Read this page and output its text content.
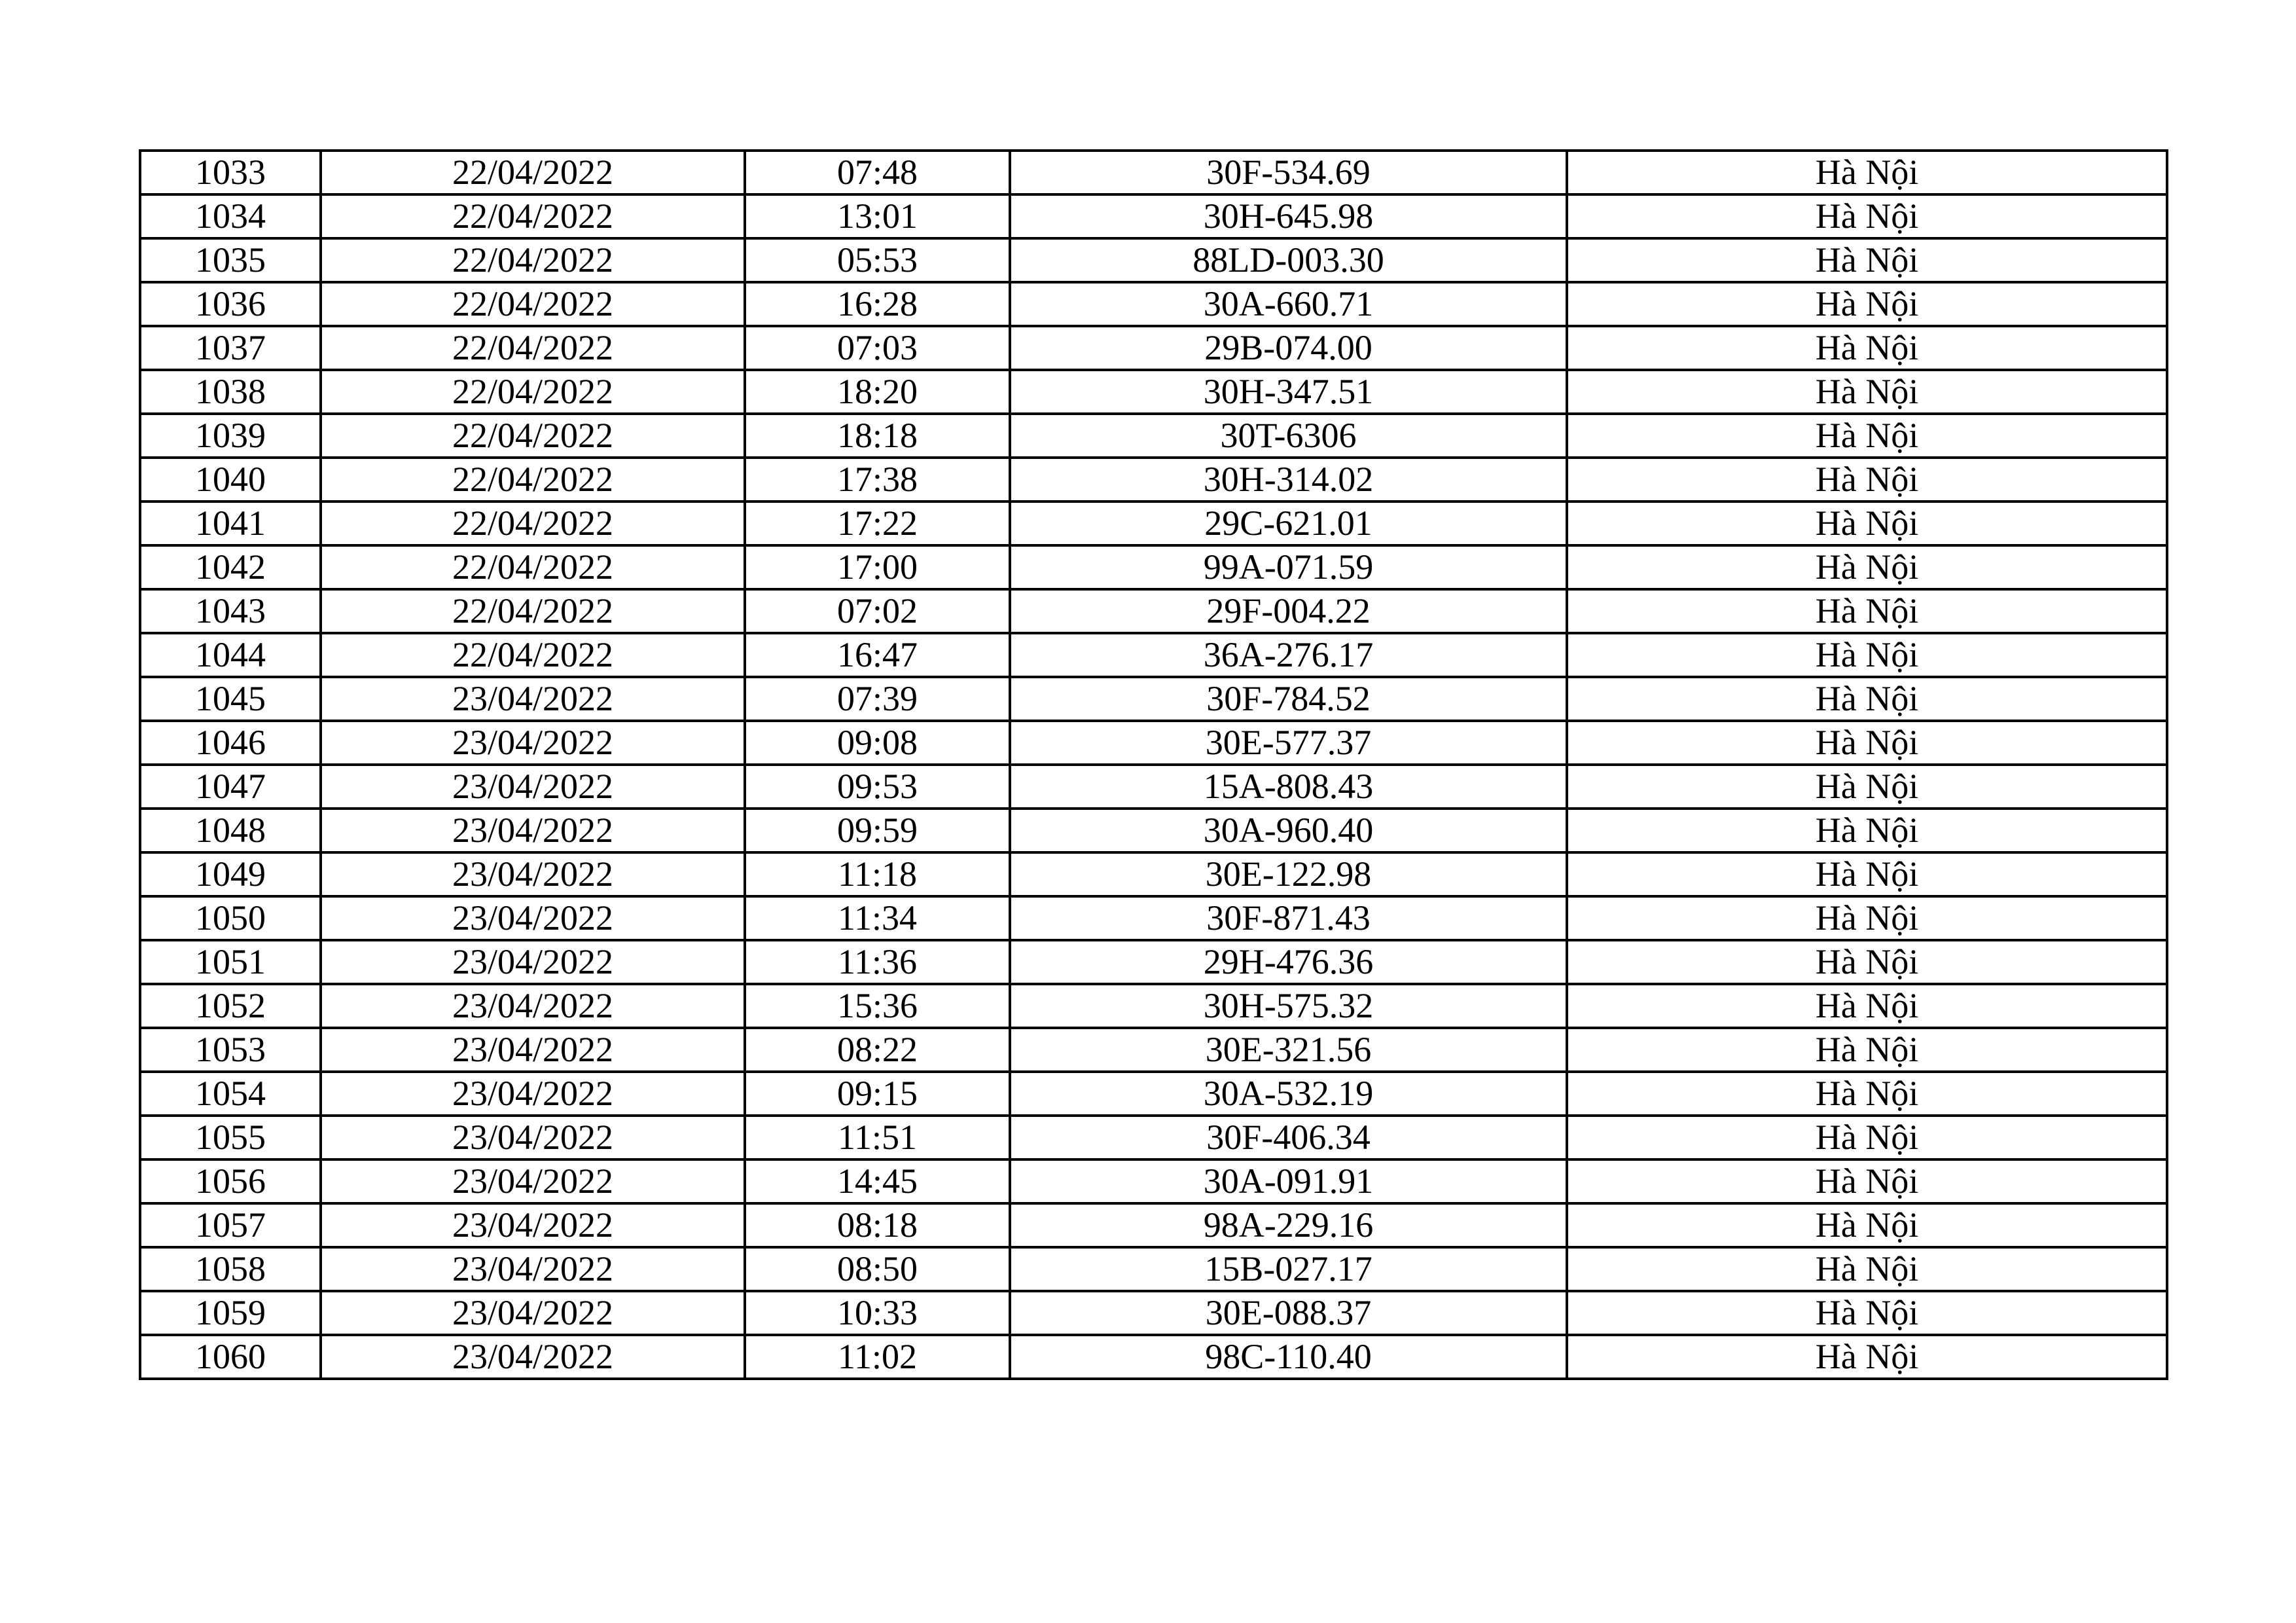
1033	22/04/2022	07:48	30F-534.69	Hà Nội
1034	22/04/2022	13:01	30H-645.98	Hà Nội
1035	22/04/2022	05:53	88LD-003.30	Hà Nội
1036	22/04/2022	16:28	30A-660.71	Hà Nội
1037	22/04/2022	07:03	29B-074.00	Hà Nội
1038	22/04/2022	18:20	30H-347.51	Hà Nội
1039	22/04/2022	18:18	30T-6306	Hà Nội
1040	22/04/2022	17:38	30H-314.02	Hà Nội
1041	22/04/2022	17:22	29C-621.01	Hà Nội
1042	22/04/2022	17:00	99A-071.59	Hà Nội
1043	22/04/2022	07:02	29F-004.22	Hà Nội
1044	22/04/2022	16:47	36A-276.17	Hà Nội
1045	23/04/2022	07:39	30F-784.52	Hà Nội
1046	23/04/2022	09:08	30E-577.37	Hà Nội
1047	23/04/2022	09:53	15A-808.43	Hà Nội
1048	23/04/2022	09:59	30A-960.40	Hà Nội
1049	23/04/2022	11:18	30E-122.98	Hà Nội
1050	23/04/2022	11:34	30F-871.43	Hà Nội
1051	23/04/2022	11:36	29H-476.36	Hà Nội
1052	23/04/2022	15:36	30H-575.32	Hà Nội
1053	23/04/2022	08:22	30E-321.56	Hà Nội
1054	23/04/2022	09:15	30A-532.19	Hà Nội
1055	23/04/2022	11:51	30F-406.34	Hà Nội
1056	23/04/2022	14:45	30A-091.91	Hà Nội
1057	23/04/2022	08:18	98A-229.16	Hà Nội
1058	23/04/2022	08:50	15B-027.17	Hà Nội
1059	23/04/2022	10:33	30E-088.37	Hà Nội
1060	23/04/2022	11:02	98C-110.40	Hà Nội
